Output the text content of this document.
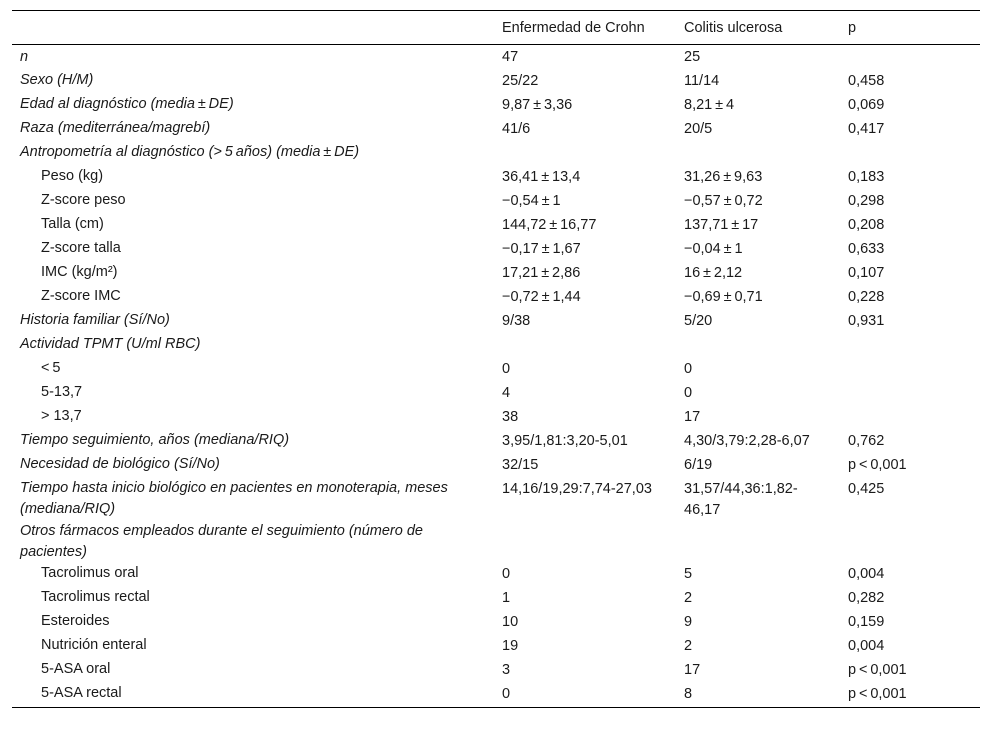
	Enfermedad de Crohn	Colitis ulcerosa	p
n	47	25	
Sexo (H/M)	25/22	11/14	0,458
Edad al diagnóstico (media ± DE)	9,87 ± 3,36	8,21 ± 4	0,069
Raza (mediterránea/magrebí)	41/6	20/5	0,417
Antropometría al diagnóstico (> 5 años) (media ± DE)			
Peso (kg)	36,41 ± 13,4	31,26 ± 9,63	0,183
Z-score peso	−0,54 ± 1	−0,57 ± 0,72	0,298
Talla (cm)	144,72 ± 16,77	137,71 ± 17	0,208
Z-score talla	−0,17 ± 1,67	−0,04 ± 1	0,633
IMC (kg/m²)	17,21 ± 2,86	16 ± 2,12	0,107
Z-score IMC	−0,72 ± 1,44	−0,69 ± 0,71	0,228
Historia familiar (Sí/No)	9/38	5/20	0,931
Actividad TPMT (U/ml RBC)			
< 5	0	0	
5-13,7	4	0	
> 13,7	38	17	
Tiempo seguimiento, años (mediana/RIQ)	3,95/1,81:3,20-5,01	4,30/3,79:2,28-6,07	0,762
Necesidad de biológico (Sí/No)	32/15	6/19	p < 0,001
Tiempo hasta inicio biológico en pacientes en monoterapia, meses (mediana/RIQ)	14,16/19,29:7,74-27,03	31,57/44,36:1,82-46,17	0,425
Otros fármacos empleados durante el seguimiento (número de pacientes)			
Tacrolimus oral	0	5	0,004
Tacrolimus rectal	1	2	0,282
Esteroides	10	9	0,159
Nutrición enteral	19	2	0,004
5-ASA oral	3	17	p < 0,001
5-ASA rectal	0	8	p < 0,001
